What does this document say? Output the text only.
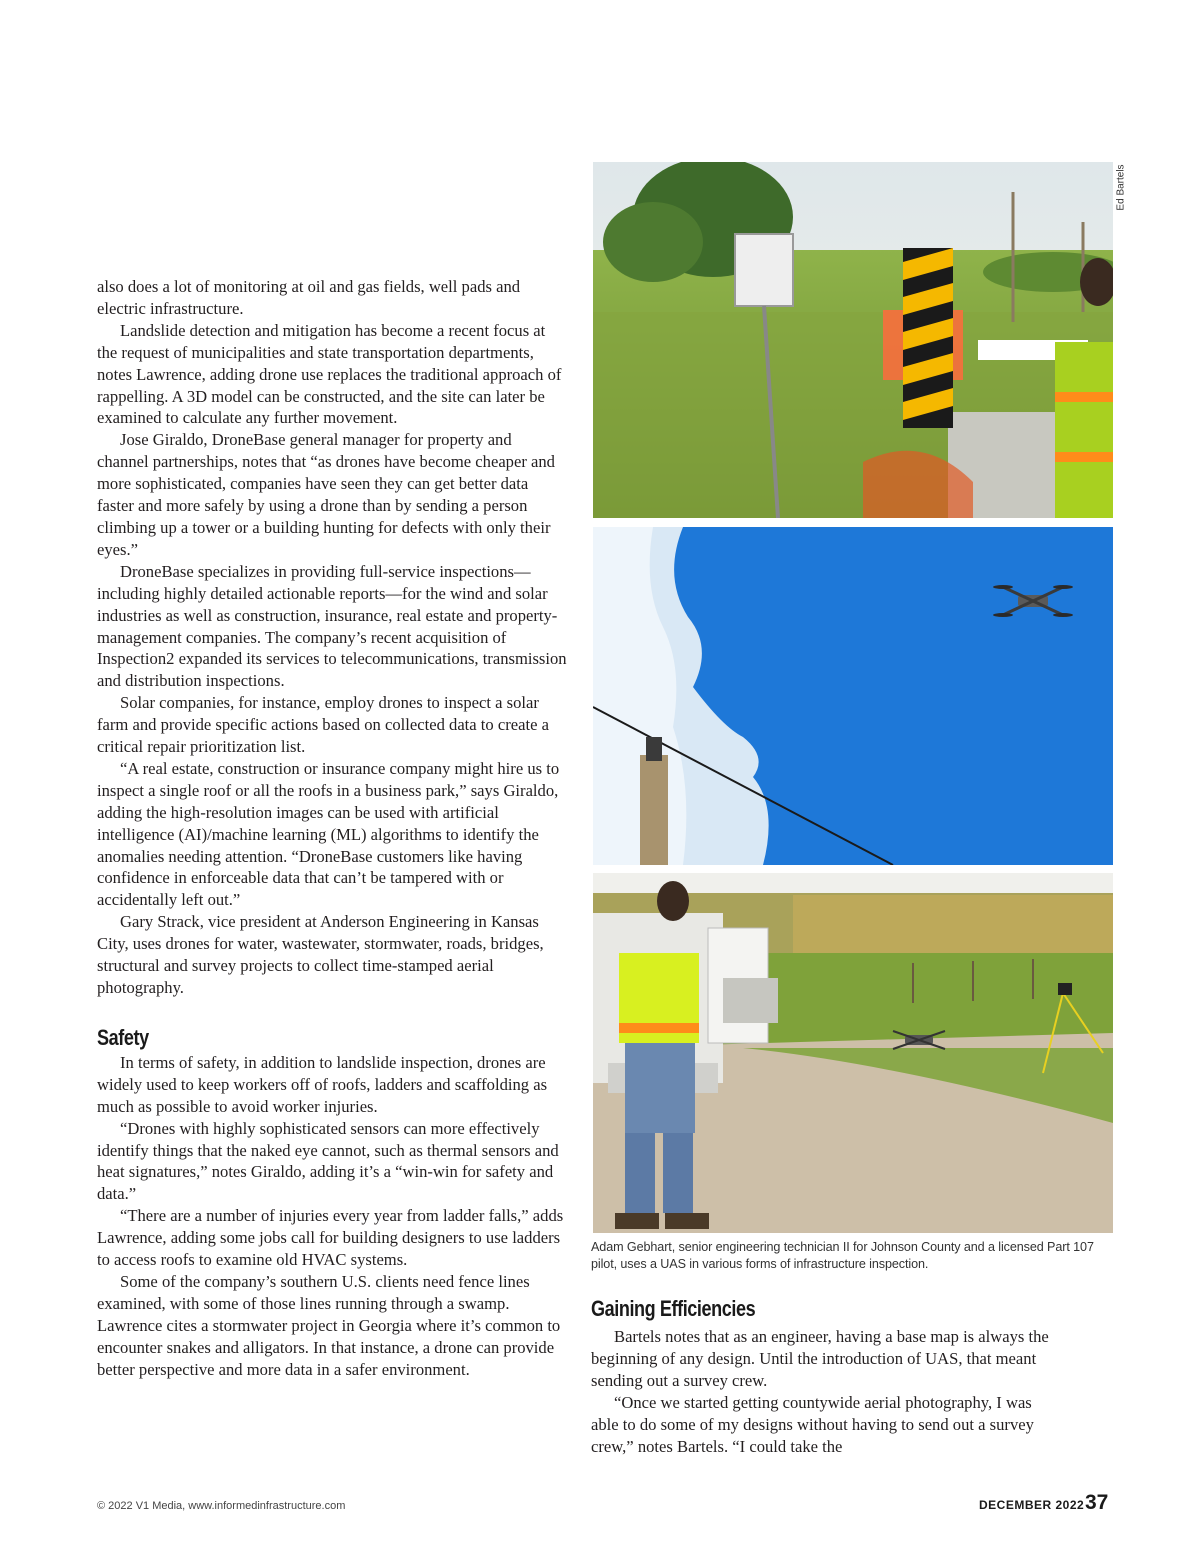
also does a lot of monitoring at oil and gas fields, well pads and electric infrastructure.

Landslide detection and mitigation has become a recent focus at the request of municipalities and state transportation departments, notes Lawrence, adding drone use replaces the traditional approach of rappelling. A 3D model can be constructed, and the site can later be examined to calculate any further movement.

Jose Giraldo, DroneBase general manager for property and channel partnerships, notes that “as drones have become cheaper and more sophisticated, companies have seen they can get better data faster and more safely by using a drone than by sending a person climbing up a tower or a building hunting for defects with only their eyes.”

DroneBase specializes in providing full-service inspections—including highly detailed actionable reports—for the wind and solar industries as well as construction, insurance, real estate and property-management companies. The company’s recent acquisition of Inspection2 expanded its services to telecommunications, transmission and distribution inspections.

Solar companies, for instance, employ drones to inspect a solar farm and provide specific actions based on collected data to create a critical repair prioritization list.

“A real estate, construction or insurance company might hire us to inspect a single roof or all the roofs in a business park,” says Giraldo, adding the high-resolution images can be used with artificial intelligence (AI)/machine learning (ML) algorithms to identify the anomalies needing attention. “DroneBase customers like having confidence in enforceable data that can’t be tampered with or accidentally left out.”

Gary Strack, vice president at Anderson Engineering in Kansas City, uses drones for water, wastewater, stormwater, roads, bridges, structural and survey projects to collect time-stamped aerial photography.

Safety

In terms of safety, in addition to landslide inspection, drones are widely used to keep workers off of roofs, ladders and scaffolding as much as possible to avoid worker injuries.

“Drones with highly sophisticated sensors can more effectively identify things that the naked eye cannot, such as thermal sensors and heat signatures,” notes Giraldo, adding it’s a “win-win for safety and data.”

“There are a number of injuries every year from ladder falls,” adds Lawrence, adding some jobs call for building designers to use ladders to access roofs to examine old HVAC systems.

Some of the company’s southern U.S. clients need fence lines examined, with some of those lines running through a swamp. Lawrence cites a stormwater project in Georgia where it’s common to encounter snakes and alligators. In that instance, a drone can provide better perspective and more data in a safer environment.

Ed Bartels
Adam Gebhart, senior engineering technician II for Johnson County and a licensed Part 107 pilot, uses a UAS in various forms of infrastructure inspection.
Gaining Efficiencies

Bartels notes that as an engineer, having a base map is always the beginning of any design. Until the introduction of UAS, that meant sending out a survey crew.

“Once we started getting countywide aerial photography, I was able to do some of my designs without having to send out a survey crew,” notes Bartels. “I could take the

© 2022 V1 Media, www.informedinfrastructure.com	DECEMBER 2022 37
